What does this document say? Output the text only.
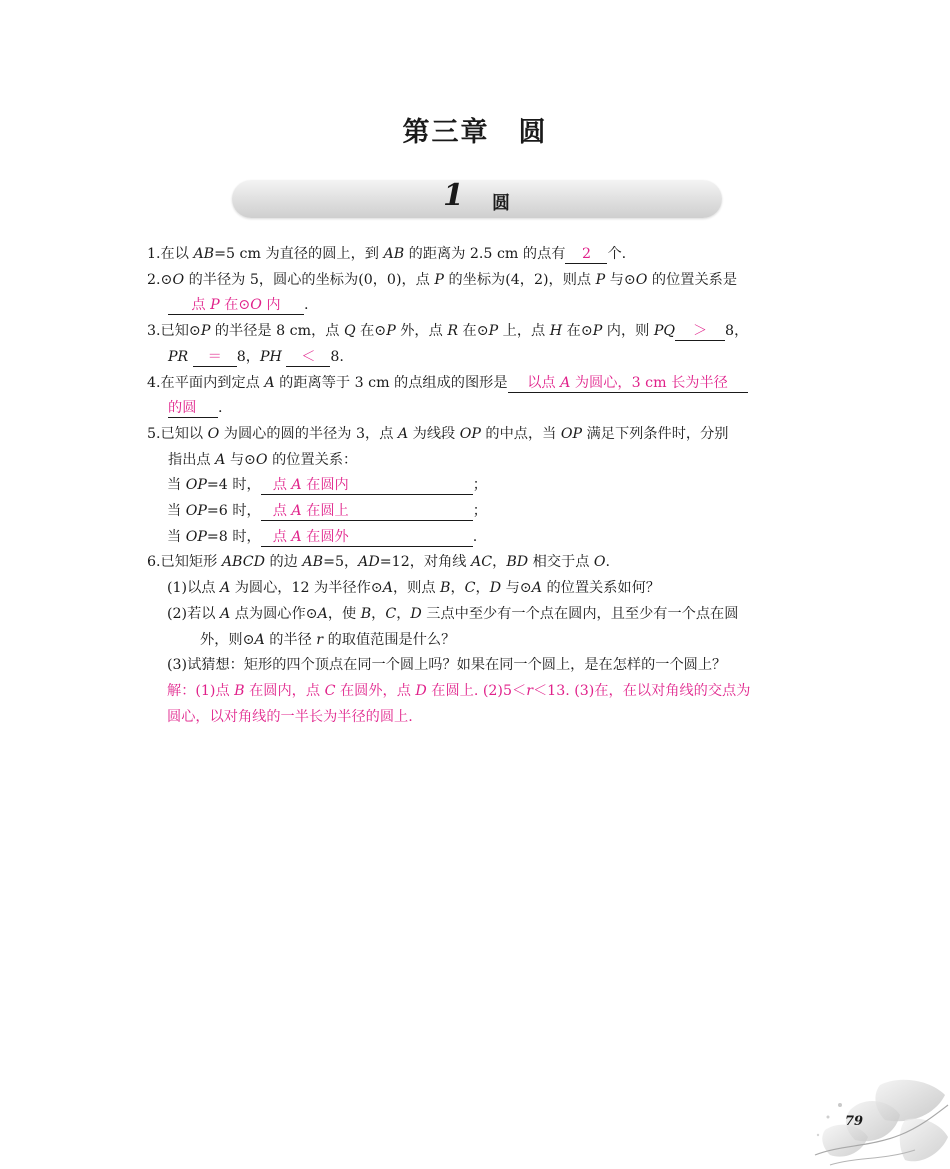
第三章　圆
1 圆
1.在以 AB=5 cm 为直径的圆上，到 AB 的距离为 2.5 cm 的点有 2 个.
2.⊙O 的半径为 5，圆心的坐标为(0，0)，点 P 的坐标为(4，2)，则点 P 与⊙O 的位置关系是
点 P 在⊙O 内 .
3.已知⊙P 的半径是 8 cm，点 Q 在⊙P 外，点 R 在⊙P 上，点 H 在⊙P 内，则 PQ ＞ 8，
PR ＝ 8，PH ＜ 8.
4.在平面内到定点 A 的距离等于 3 cm 的点组成的图形是 以点 A 为圆心，3 cm 长为半径
的圆 .
5.已知以 O 为圆心的圆的半径为 3，点 A 为线段 OP 的中点，当 OP 满足下列条件时，分别
指出点 A 与⊙O 的位置关系：
当 OP=4 时， 点 A 在圆内	；
当 OP=6 时， 点 A 在圆上	；
当 OP=8 时， 点 A 在圆外	.
6.已知矩形 ABCD 的边 AB=5，AD=12，对角线 AC，BD 相交于点 O.
(1)以点 A 为圆心，12 为半径作⊙A，则点 B，C，D 与⊙A 的位置关系如何？
(2)若以 A 点为圆心作⊙A，使 B，C，D 三点中至少有一个点在圆内，且至少有一个点在圆
外，则⊙A 的半径 r 的取值范围是什么？
(3)试猜想：矩形的四个顶点在同一个圆上吗？如果在同一个圆上，是在怎样的一个圆上？
解：(1)点 B 在圆内，点 C 在圆外，点 D 在圆上. (2)5＜r＜13. (3)在，在以对角线的交点为
圆心，以对角线的一半长为半径的圆上.
79
